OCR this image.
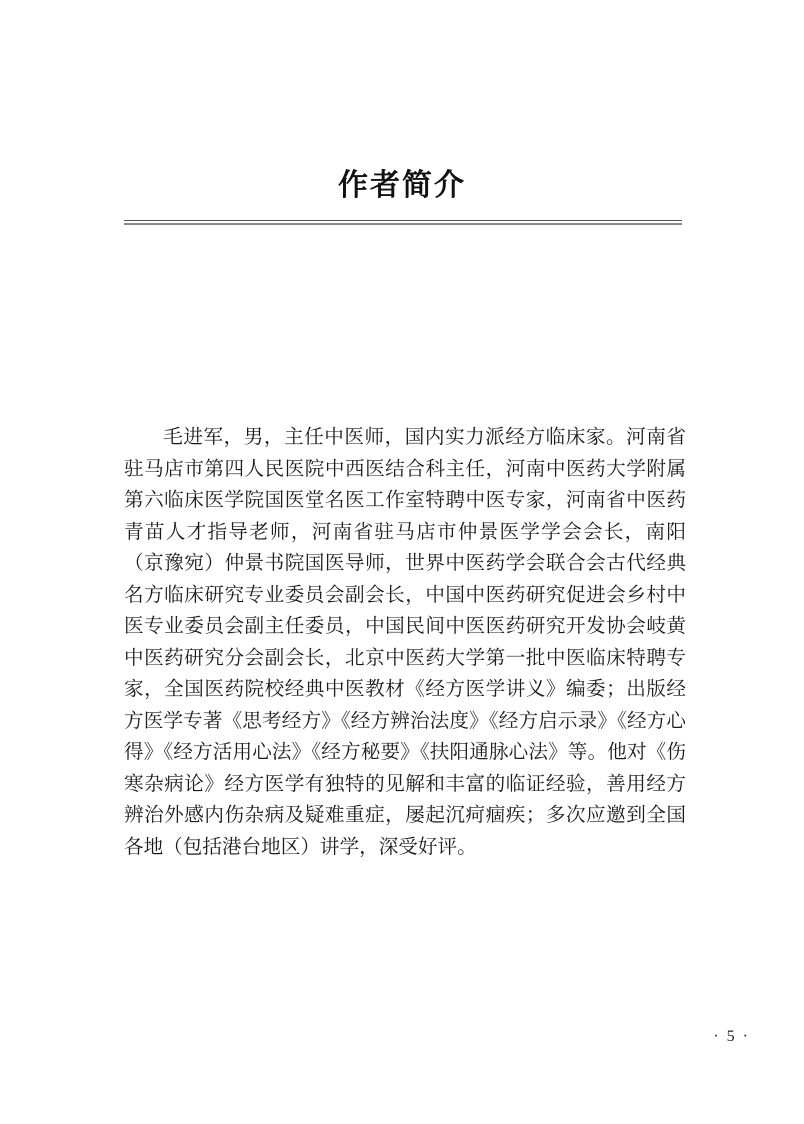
作者简介

毛进军，男，主任中医师，国内实力派经方临床家。河南省驻马店市第四人民医院中西医结合科主任，河南中医药大学附属第六临床医学院国医堂名医工作室特聘中医专家，河南省中医药青苗人才指导老师，河南省驻马店市仲景医学学会会长，南阳（京豫宛）仲景书院国医导师，世界中医药学会联合会古代经典名方临床研究专业委员会副会长，中国中医药研究促进会乡村中医专业委员会副主任委员，中国民间中医医药研究开发协会岐黄中医药研究分会副会长，北京中医药大学第一批中医临床特聘专家，全国医药院校经典中医教材《经方医学讲义》编委；出版经方医学专著《思考经方》《经方辨治法度》《经方启示录》《经方心得》《经方活用心法》《经方秘要》《扶阳通脉心法》等。他对《伤寒杂病论》经方医学有独特的见解和丰富的临证经验，善用经方辨治外感内伤杂病及疑难重症，屡起沉疴痼疾；多次应邀到全国各地（包括港台地区）讲学，深受好评。

· 5 ·
